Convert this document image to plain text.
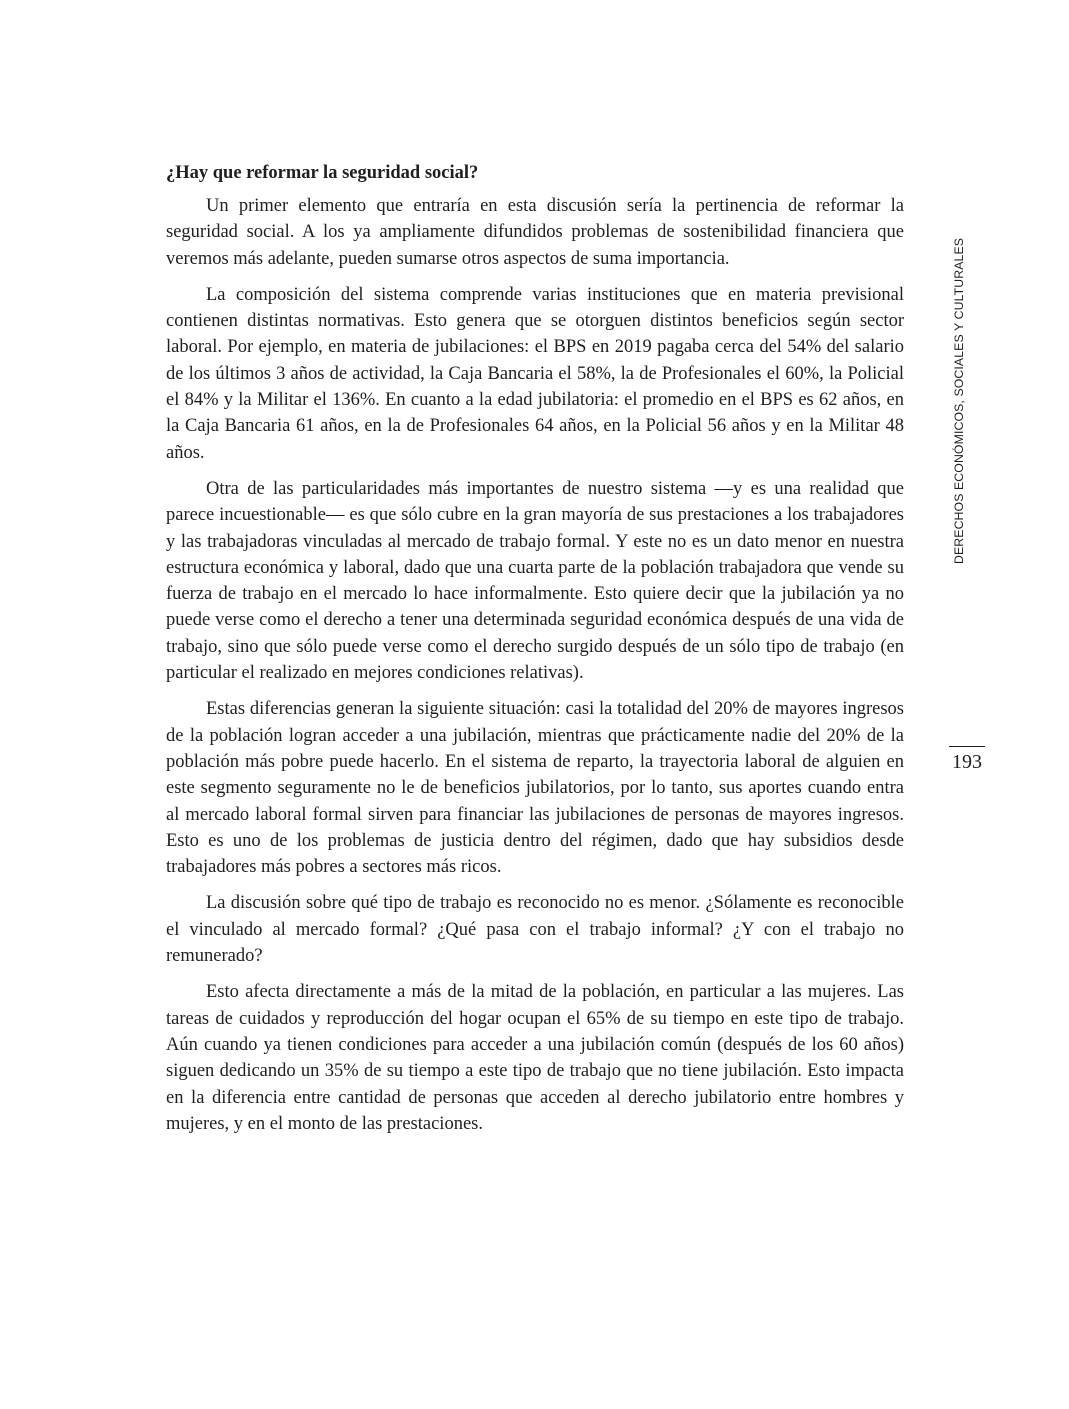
¿Hay que reformar la seguridad social?

Un primer elemento que entraría en esta discusión sería la pertinencia de reformar la seguridad social. A los ya ampliamente difundidos problemas de sostenibilidad financiera que veremos más adelante, pueden sumarse otros aspectos de suma importancia.

La composición del sistema comprende varias instituciones que en materia previsional contienen distintas normativas. Esto genera que se otorguen distintos beneficios según sector laboral. Por ejemplo, en materia de jubilaciones: el BPS en 2019 pagaba cerca del 54% del salario de los últimos 3 años de actividad, la Caja Bancaria el 58%, la de Profesionales el 60%, la Policial el 84% y la Militar el 136%. En cuanto a la edad jubilatoria: el promedio en el BPS es 62 años, en la Caja Bancaria 61 años, en la de Profesionales 64 años, en la Policial 56 años y en la Militar 48 años.

Otra de las particularidades más importantes de nuestro sistema —y es una realidad que parece incuestionable— es que sólo cubre en la gran mayoría de sus prestaciones a los trabajadores y las trabajadoras vinculadas al mercado de trabajo formal. Y este no es un dato menor en nuestra estructura económica y laboral, dado que una cuarta parte de la población trabajadora que vende su fuerza de trabajo en el mercado lo hace informalmente. Esto quiere decir que la jubilación ya no puede verse como el derecho a tener una determinada seguridad económica después de una vida de trabajo, sino que sólo puede verse como el derecho surgido después de un sólo tipo de trabajo (en particular el realizado en mejores condiciones relativas).

Estas diferencias generan la siguiente situación: casi la totalidad del 20% de mayores ingresos de la población logran acceder a una jubilación, mientras que prácticamente nadie del 20% de la población más pobre puede hacerlo. En el sistema de reparto, la trayectoria laboral de alguien en este segmento seguramente no le de beneficios jubilatorios, por lo tanto, sus aportes cuando entra al mercado laboral formal sirven para financiar las jubilaciones de personas de mayores ingresos. Esto es uno de los problemas de justicia dentro del régimen, dado que hay subsidios desde trabajadores más pobres a sectores más ricos.

La discusión sobre qué tipo de trabajo es reconocido no es menor. ¿Sólamente es reconocible el vinculado al mercado formal? ¿Qué pasa con el trabajo informal? ¿Y con el trabajo no remunerado?

Esto afecta directamente a más de la mitad de la población, en particular a las mujeres. Las tareas de cuidados y reproducción del hogar ocupan el 65% de su tiempo en este tipo de trabajo. Aún cuando ya tienen condiciones para acceder a una jubilación común (después de los 60 años) siguen dedicando un 35% de su tiempo a este tipo de trabajo que no tiene jubilación. Esto impacta en la diferencia entre cantidad de personas que acceden al derecho jubilatorio entre hombres y mujeres, y en el monto de las prestaciones.

DERECHOS ECONÓMICOS, SOCIALES Y CULTURALES
193
